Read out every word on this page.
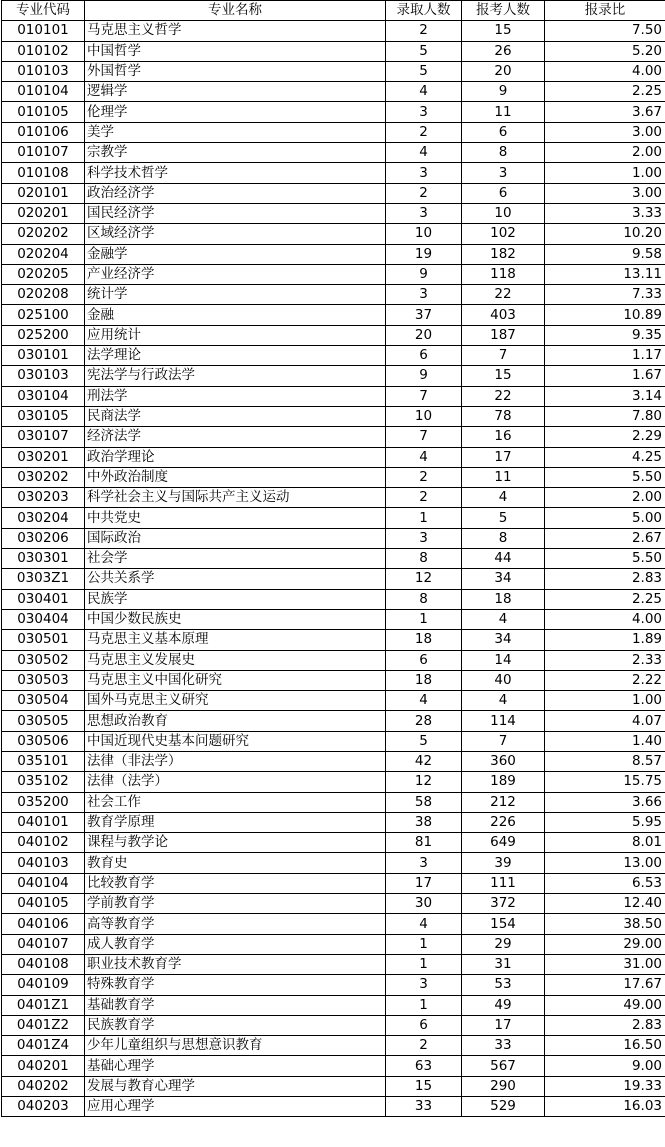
专业代码	专业名称	录取人数	报考人数	报录比
010101	马克思主义哲学	2	15	7.50
010102	中国哲学	5	26	5.20
010103	外国哲学	5	20	4.00
010104	逻辑学	4	9	2.25
010105	伦理学	3	11	3.67
010106	美学	2	6	3.00
010107	宗教学	4	8	2.00
010108	科学技术哲学	3	3	1.00
020101	政治经济学	2	6	3.00
020201	国民经济学	3	10	3.33
020202	区域经济学	10	102	10.20
020204	金融学	19	182	9.58
020205	产业经济学	9	118	13.11
020208	统计学	3	22	7.33
025100	金融	37	403	10.89
025200	应用统计	20	187	9.35
030101	法学理论	6	7	1.17
030103	宪法学与行政法学	9	15	1.67
030104	刑法学	7	22	3.14
030105	民商法学	10	78	7.80
030107	经济法学	7	16	2.29
030201	政治学理论	4	17	4.25
030202	中外政治制度	2	11	5.50
030203	科学社会主义与国际共产主义运动	2	4	2.00
030204	中共党史	1	5	5.00
030206	国际政治	3	8	2.67
030301	社会学	8	44	5.50
0303Z1	公共关系学	12	34	2.83
030401	民族学	8	18	2.25
030404	中国少数民族史	1	4	4.00
030501	马克思主义基本原理	18	34	1.89
030502	马克思主义发展史	6	14	2.33
030503	马克思主义中国化研究	18	40	2.22
030504	国外马克思主义研究	4	4	1.00
030505	思想政治教育	28	114	4.07
030506	中国近现代史基本问题研究	5	7	1.40
035101	法律（非法学）	42	360	8.57
035102	法律（法学）	12	189	15.75
035200	社会工作	58	212	3.66
040101	教育学原理	38	226	5.95
040102	课程与教学论	81	649	8.01
040103	教育史	3	39	13.00
040104	比较教育学	17	111	6.53
040105	学前教育学	30	372	12.40
040106	高等教育学	4	154	38.50
040107	成人教育学	1	29	29.00
040108	职业技术教育学	1	31	31.00
040109	特殊教育学	3	53	17.67
0401Z1	基础教育学	1	49	49.00
0401Z2	民族教育学	6	17	2.83
0401Z4	少年儿童组织与思想意识教育	2	33	16.50
040201	基础心理学	63	567	9.00
040202	发展与教育心理学	15	290	19.33
040203	应用心理学	33	529	16.03
